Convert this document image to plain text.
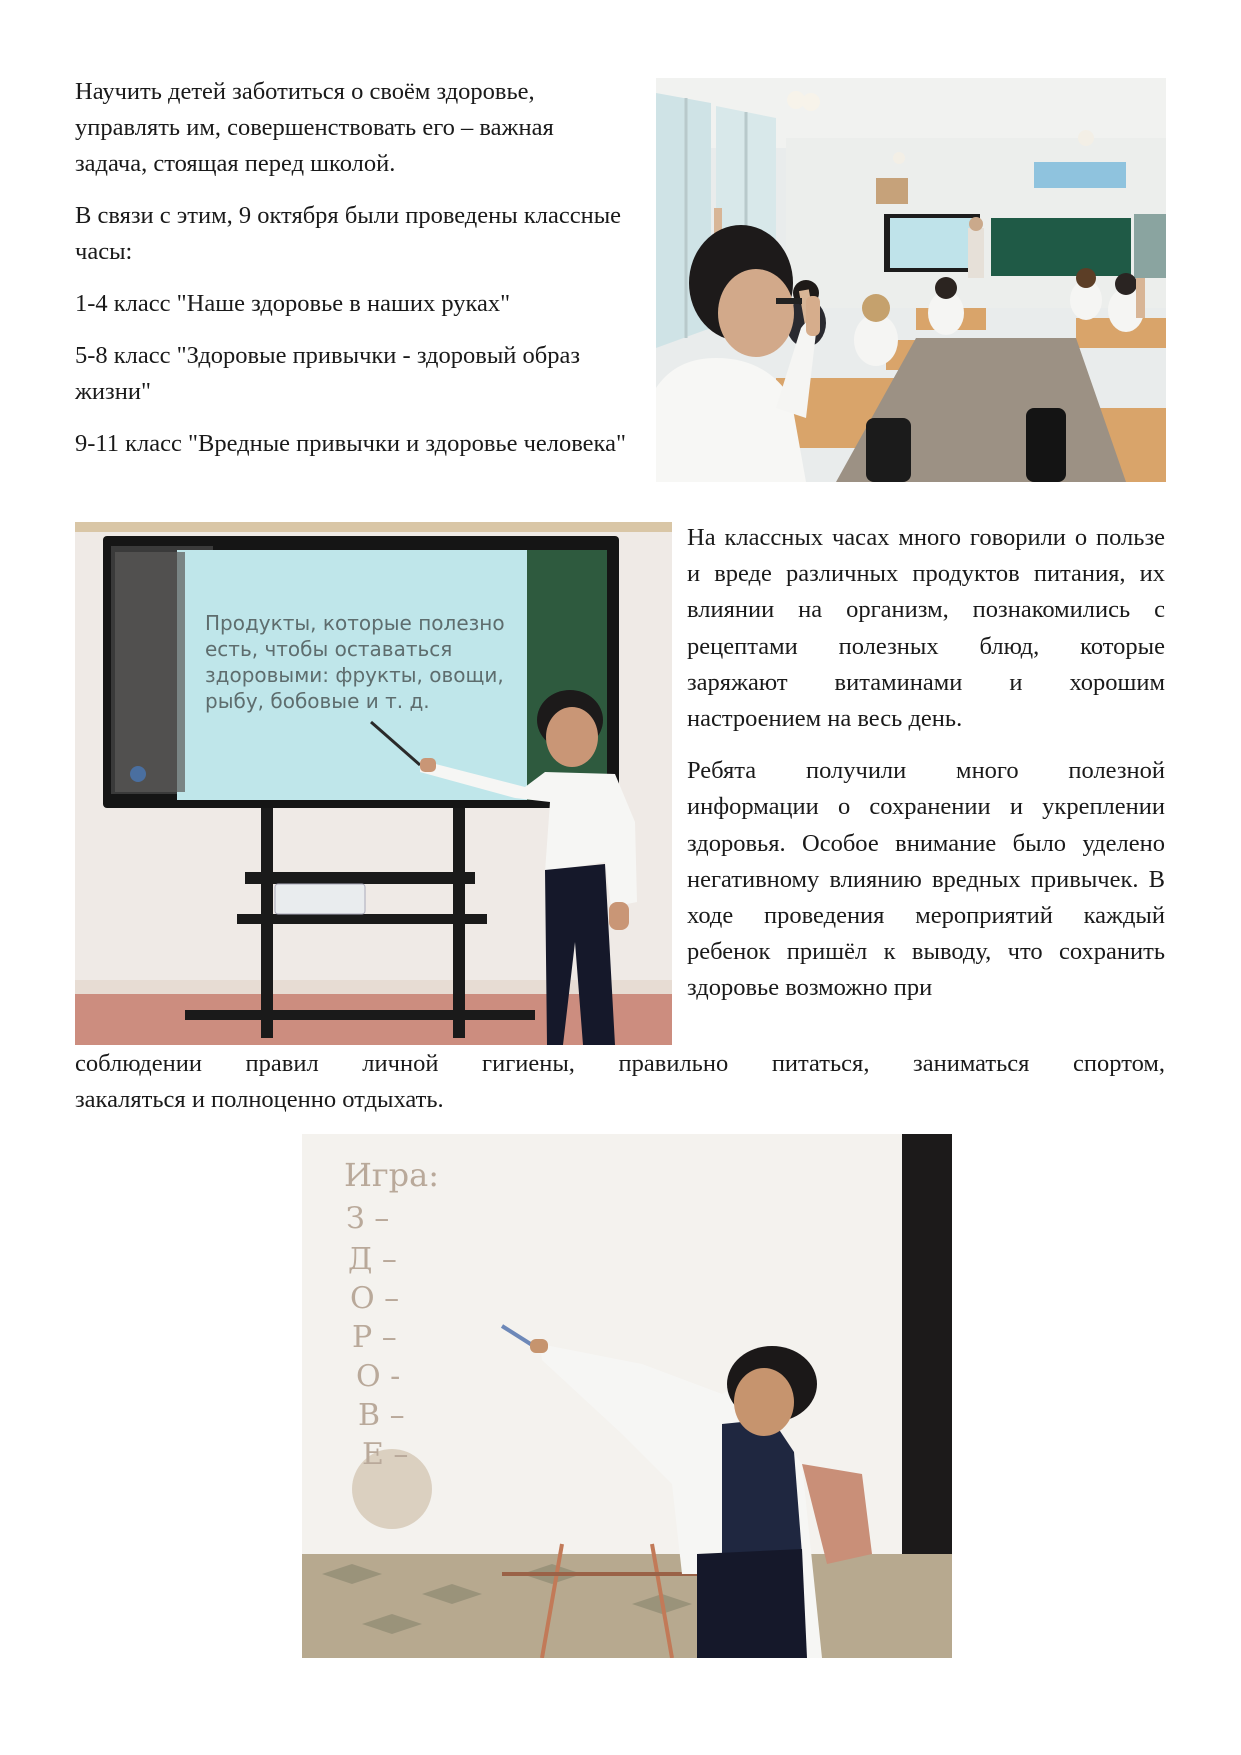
Научить детей заботиться о своём здоровье, управлять им, совершенствовать его – важная задача, стоящая перед школой.

В связи с этим, 9 октября были проведены классные часы:

1-4 класс "Наше здоровье в наших руках"

5-8 класс "Здоровые привычки - здоровый образ жизни"

9-11 класс "Вредные привычки и здоровье человека"

Продукты, которые полезно
есть, чтобы оставаться
здоровыми: фрукты, овощи,
рыбу, бобовые и т. д.

На классных часах много говорили о пользе и вреде различных продуктов питания, их влиянии на организм, познакомились с рецептами полезных блюд, которые заряжают витаминами и хорошим настроением на весь день.

Ребята получили много полезной информации о сохранении и укреплении здоровья. Особое внимание было уделено негативному влиянию вредных привычек. В ходе проведения мероприятий каждый ребенок пришёл к выводу, что сохранить здоровье возможно при

соблюдении правил личной гигиены, правильно питаться, заниматься спортом,
закаляться и полноценно отдыхать.
Игра:
З –
Д –
О –
Р –
О -
В –
Е –
